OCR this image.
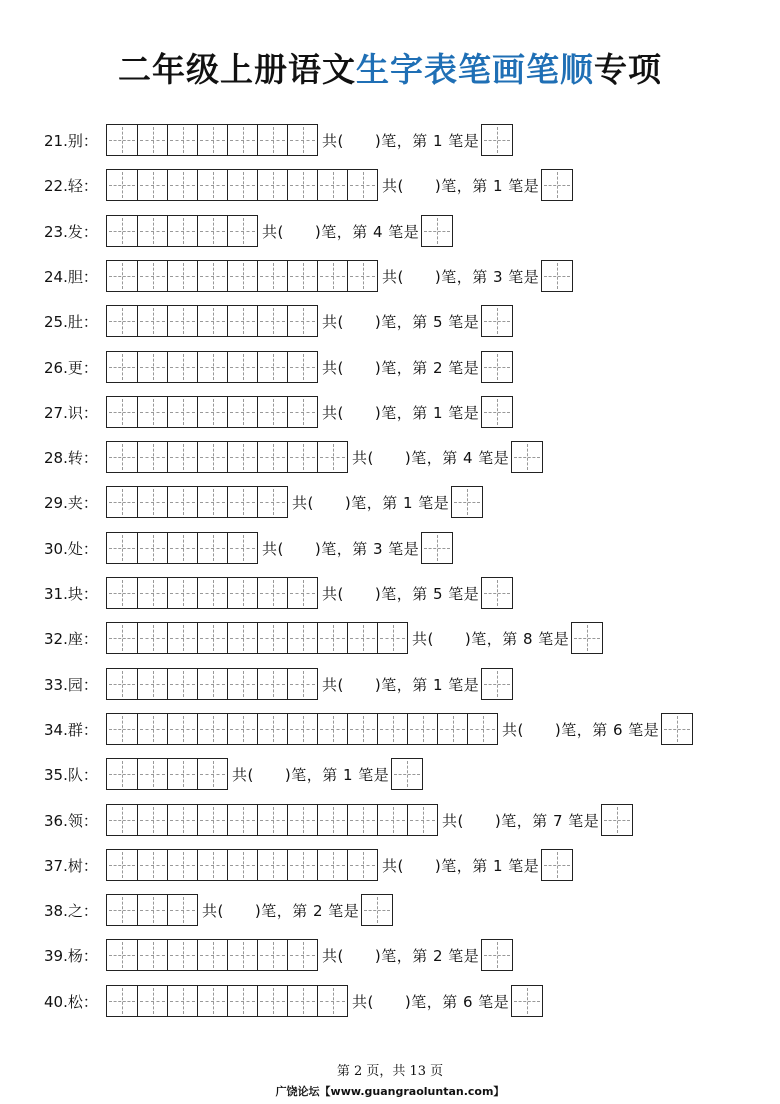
二年级上册语文生字表笔画笔顺专项
21.别：	共(　　)笔，第 1 笔是
22.轻：	共(　　)笔，第 1 笔是
23.发：	共(　　)笔，第 4 笔是
24.胆：	共(　　)笔，第 3 笔是
25.肚：	共(　　)笔，第 5 笔是
26.更：	共(　　)笔，第 2 笔是
27.识：	共(　　)笔，第 1 笔是
28.转：	共(　　)笔，第 4 笔是
29.夹：	共(　　)笔，第 1 笔是
30.处：	共(　　)笔，第 3 笔是
31.块：	共(　　)笔，第 5 笔是
32.座：	共(　　)笔，第 8 笔是
33.园：	共(　　)笔，第 1 笔是
34.群：	共(　　)笔，第 6 笔是
35.队：	共(　　)笔，第 1 笔是
36.领：	共(　　)笔，第 7 笔是
37.树：	共(　　)笔，第 1 笔是
38.之：	共(　　)笔，第 2 笔是
39.杨：	共(　　)笔，第 2 笔是
40.松：	共(　　)笔，第 6 笔是
第 2 页，共 13 页
广饶论坛【www.guangraoluntan.com】
